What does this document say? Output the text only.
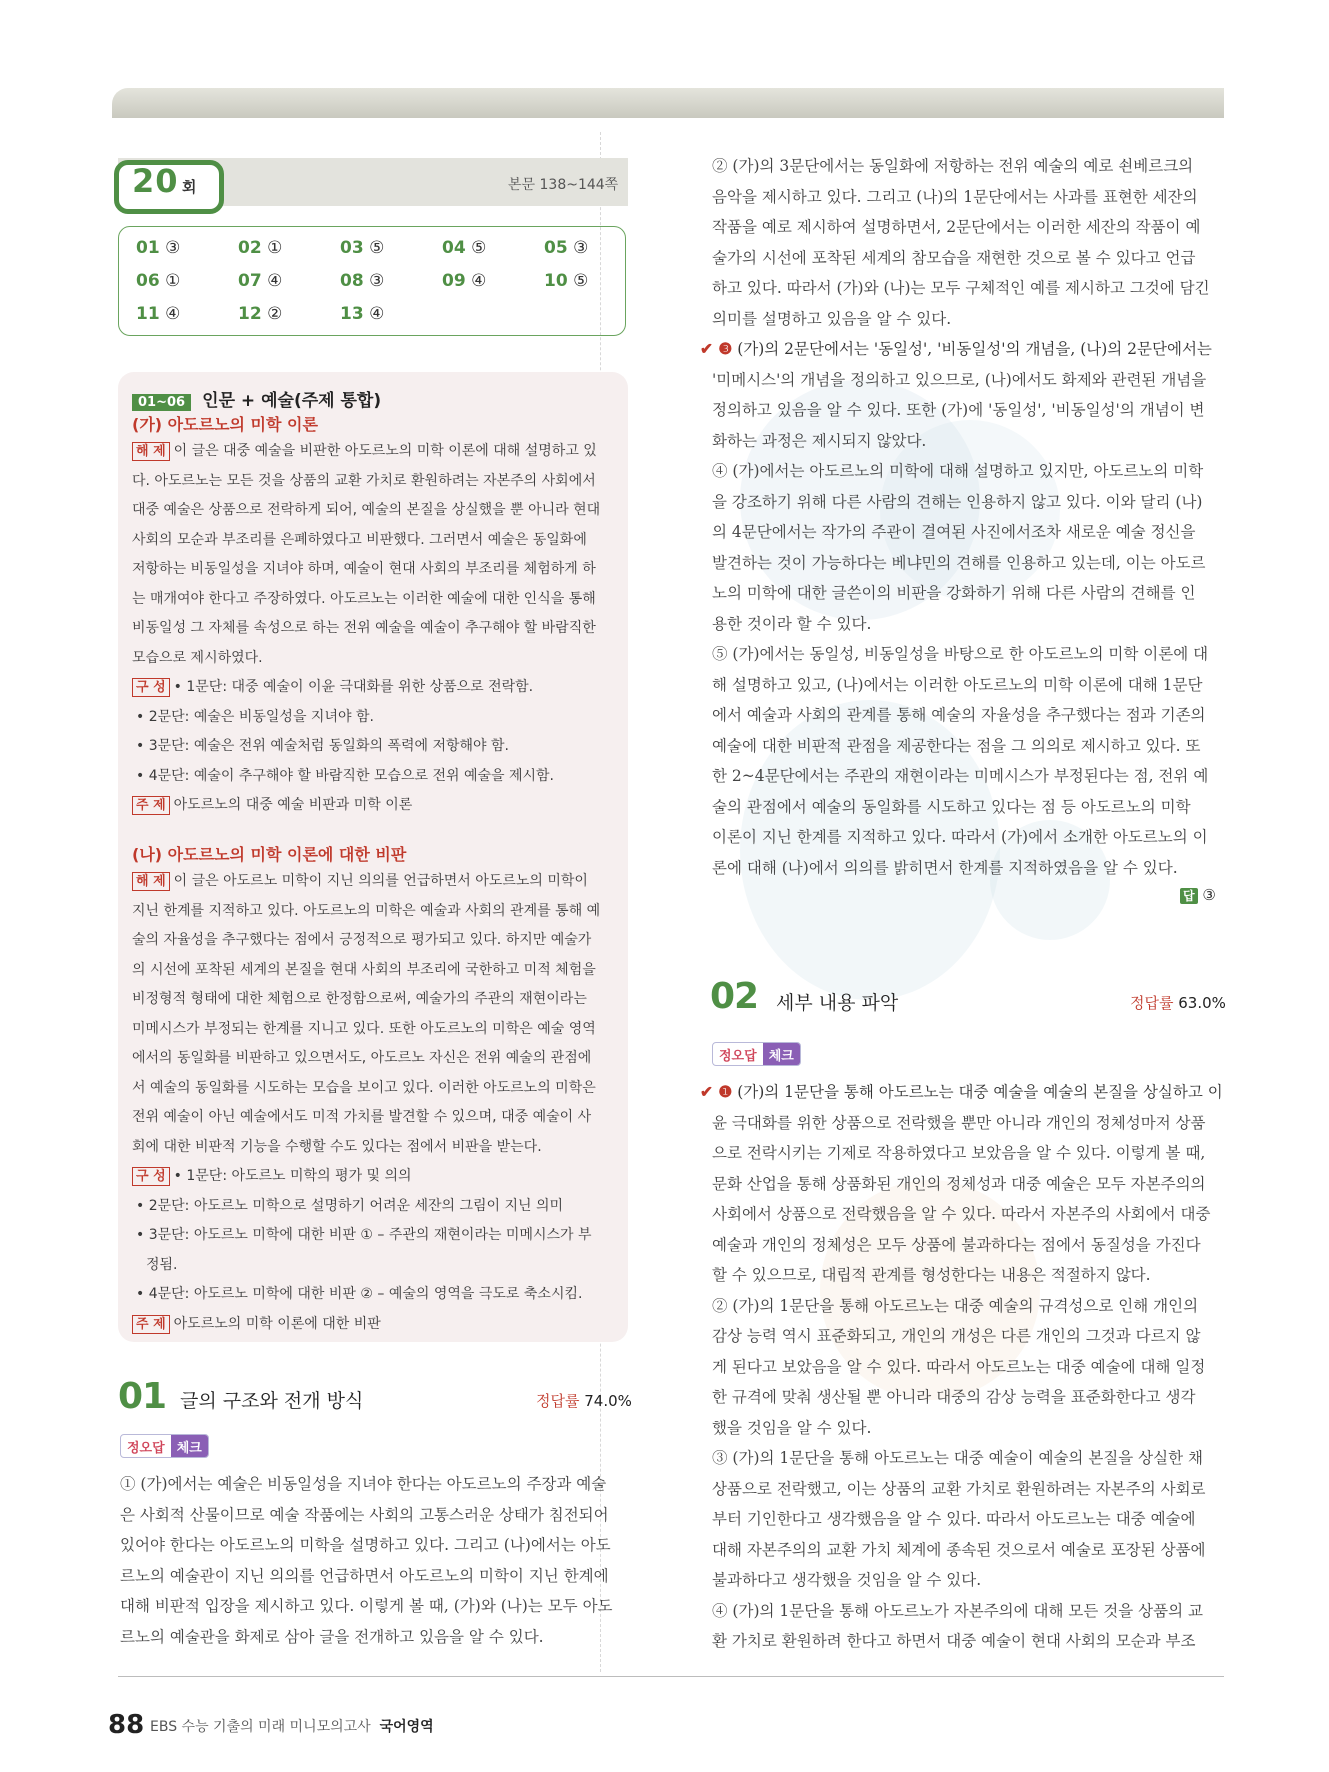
20 회	본문 138~144쪽
01 ③	02 ①	03 ⑤	04 ⑤	05 ③
06 ①	07 ④	08 ③	09 ④	10 ⑤
11 ④	12 ②	13 ④
01~06 인문 + 예술(주제 통합)
(가) 아도르노의 미학 이론
해 제 이 글은 대중 예술을 비판한 아도르노의 미학 이론에 대해 설명하고 있
다. 아도르노는 모든 것을 상품의 교환 가치로 환원하려는 자본주의 사회에서
대중 예술은 상품으로 전락하게 되어, 예술의 본질을 상실했을 뿐 아니라 현대
사회의 모순과 부조리를 은폐하였다고 비판했다. 그러면서 예술은 동일화에
저항하는 비동일성을 지녀야 하며, 예술이 현대 사회의 부조리를 체험하게 하
는 매개여야 한다고 주장하였다. 아도르노는 이러한 예술에 대한 인식을 통해
비동일성 그 자체를 속성으로 하는 전위 예술을 예술이 추구해야 할 바람직한
모습으로 제시하였다.
구 성 • 1문단: 대중 예술이 이윤 극대화를 위한 상품으로 전락함.
• 2문단: 예술은 비동일성을 지녀야 함.
• 3문단: 예술은 전위 예술처럼 동일화의 폭력에 저항해야 함.
• 4문단: 예술이 추구해야 할 바람직한 모습으로 전위 예술을 제시함.
주 제 아도르노의 대중 예술 비판과 미학 이론
(나) 아도르노의 미학 이론에 대한 비판
해 제 이 글은 아도르노 미학이 지닌 의의를 언급하면서 아도르노의 미학이
지닌 한계를 지적하고 있다. 아도르노의 미학은 예술과 사회의 관계를 통해 예
술의 자율성을 추구했다는 점에서 긍정적으로 평가되고 있다. 하지만 예술가
의 시선에 포착된 세계의 본질을 현대 사회의 부조리에 국한하고 미적 체험을
비정형적 형태에 대한 체험으로 한정함으로써, 예술가의 주관의 재현이라는
미메시스가 부정되는 한계를 지니고 있다. 또한 아도르노의 미학은 예술 영역
에서의 동일화를 비판하고 있으면서도, 아도르노 자신은 전위 예술의 관점에
서 예술의 동일화를 시도하는 모습을 보이고 있다. 이러한 아도르노의 미학은
전위 예술이 아닌 예술에서도 미적 가치를 발견할 수 있으며, 대중 예술이 사
회에 대한 비판적 기능을 수행할 수도 있다는 점에서 비판을 받는다.
구 성 • 1문단: 아도르노 미학의 평가 및 의의
• 2문단: 아도르노 미학으로 설명하기 어려운 세잔의 그림이 지닌 의미
• 3문단: 아도르노 미학에 대한 비판 ① – 주관의 재현이라는 미메시스가 부
정됨.
• 4문단: 아도르노 미학에 대한 비판 ② – 예술의 영역을 극도로 축소시킴.
주 제 아도르노의 미학 이론에 대한 비판
01 글의 구조와 전개 방식	정답률 74.0%
정오답 체크
① (가)에서는 예술은 비동일성을 지녀야 한다는 아도르노의 주장과 예술
은 사회적 산물이므로 예술 작품에는 사회의 고통스러운 상태가 침전되어
있어야 한다는 아도르노의 미학을 설명하고 있다. 그리고 (나)에서는 아도
르노의 예술관이 지닌 의의를 언급하면서 아도르노의 미학이 지닌 한계에
대해 비판적 입장을 제시하고 있다. 이렇게 볼 때, (가)와 (나)는 모두 아도
르노의 예술관을 화제로 삼아 글을 전개하고 있음을 알 수 있다.
② (가)의 3문단에서는 동일화에 저항하는 전위 예술의 예로 쇤베르크의
음악을 제시하고 있다. 그리고 (나)의 1문단에서는 사과를 표현한 세잔의
작품을 예로 제시하여 설명하면서, 2문단에서는 이러한 세잔의 작품이 예
술가의 시선에 포착된 세계의 참모습을 재현한 것으로 볼 수 있다고 언급
하고 있다. 따라서 (가)와 (나)는 모두 구체적인 예를 제시하고 그것에 담긴
의미를 설명하고 있음을 알 수 있다.
✔ ❸ (가)의 2문단에서는 '동일성', '비동일성'의 개념을, (나)의 2문단에서는
'미메시스'의 개념을 정의하고 있으므로, (나)에서도 화제와 관련된 개념을
정의하고 있음을 알 수 있다. 또한 (가)에 '동일성', '비동일성'의 개념이 변
화하는 과정은 제시되지 않았다.
④ (가)에서는 아도르노의 미학에 대해 설명하고 있지만, 아도르노의 미학
을 강조하기 위해 다른 사람의 견해는 인용하지 않고 있다. 이와 달리 (나)
의 4문단에서는 작가의 주관이 결여된 사진에서조차 새로운 예술 정신을
발견하는 것이 가능하다는 베냐민의 견해를 인용하고 있는데, 이는 아도르
노의 미학에 대한 글쓴이의 비판을 강화하기 위해 다른 사람의 견해를 인
용한 것이라 할 수 있다.
⑤ (가)에서는 동일성, 비동일성을 바탕으로 한 아도르노의 미학 이론에 대
해 설명하고 있고, (나)에서는 이러한 아도르노의 미학 이론에 대해 1문단
에서 예술과 사회의 관계를 통해 예술의 자율성을 추구했다는 점과 기존의
예술에 대한 비판적 관점을 제공한다는 점을 그 의의로 제시하고 있다. 또
한 2~4문단에서는 주관의 재현이라는 미메시스가 부정된다는 점, 전위 예
술의 관점에서 예술의 동일화를 시도하고 있다는 점 등 아도르노의 미학
이론이 지닌 한계를 지적하고 있다. 따라서 (가)에서 소개한 아도르노의 이
론에 대해 (나)에서 의의를 밝히면서 한계를 지적하였음을 알 수 있다.
답 ③
02 세부 내용 파악	정답률 63.0%
정오답 체크
✔ ❶ (가)의 1문단을 통해 아도르노는 대중 예술을 예술의 본질을 상실하고 이
윤 극대화를 위한 상품으로 전락했을 뿐만 아니라 개인의 정체성마저 상품
으로 전락시키는 기제로 작용하였다고 보았음을 알 수 있다. 이렇게 볼 때,
문화 산업을 통해 상품화된 개인의 정체성과 대중 예술은 모두 자본주의의
사회에서 상품으로 전락했음을 알 수 있다. 따라서 자본주의 사회에서 대중
예술과 개인의 정체성은 모두 상품에 불과하다는 점에서 동질성을 가진다
할 수 있으므로, 대립적 관계를 형성한다는 내용은 적절하지 않다.
② (가)의 1문단을 통해 아도르노는 대중 예술의 규격성으로 인해 개인의
감상 능력 역시 표준화되고, 개인의 개성은 다른 개인의 그것과 다르지 않
게 된다고 보았음을 알 수 있다. 따라서 아도르노는 대중 예술에 대해 일정
한 규격에 맞춰 생산될 뿐 아니라 대중의 감상 능력을 표준화한다고 생각
했을 것임을 알 수 있다.
③ (가)의 1문단을 통해 아도르노는 대중 예술이 예술의 본질을 상실한 채
상품으로 전락했고, 이는 상품의 교환 가치로 환원하려는 자본주의 사회로
부터 기인한다고 생각했음을 알 수 있다. 따라서 아도르노는 대중 예술에
대해 자본주의의 교환 가치 체계에 종속된 것으로서 예술로 포장된 상품에
불과하다고 생각했을 것임을 알 수 있다.
④ (가)의 1문단을 통해 아도르노가 자본주의에 대해 모든 것을 상품의 교
환 가치로 환원하려 한다고 하면서 대중 예술이 현대 사회의 모순과 부조
88 EBS 수능 기출의 미래 미니모의고사 국어영역
